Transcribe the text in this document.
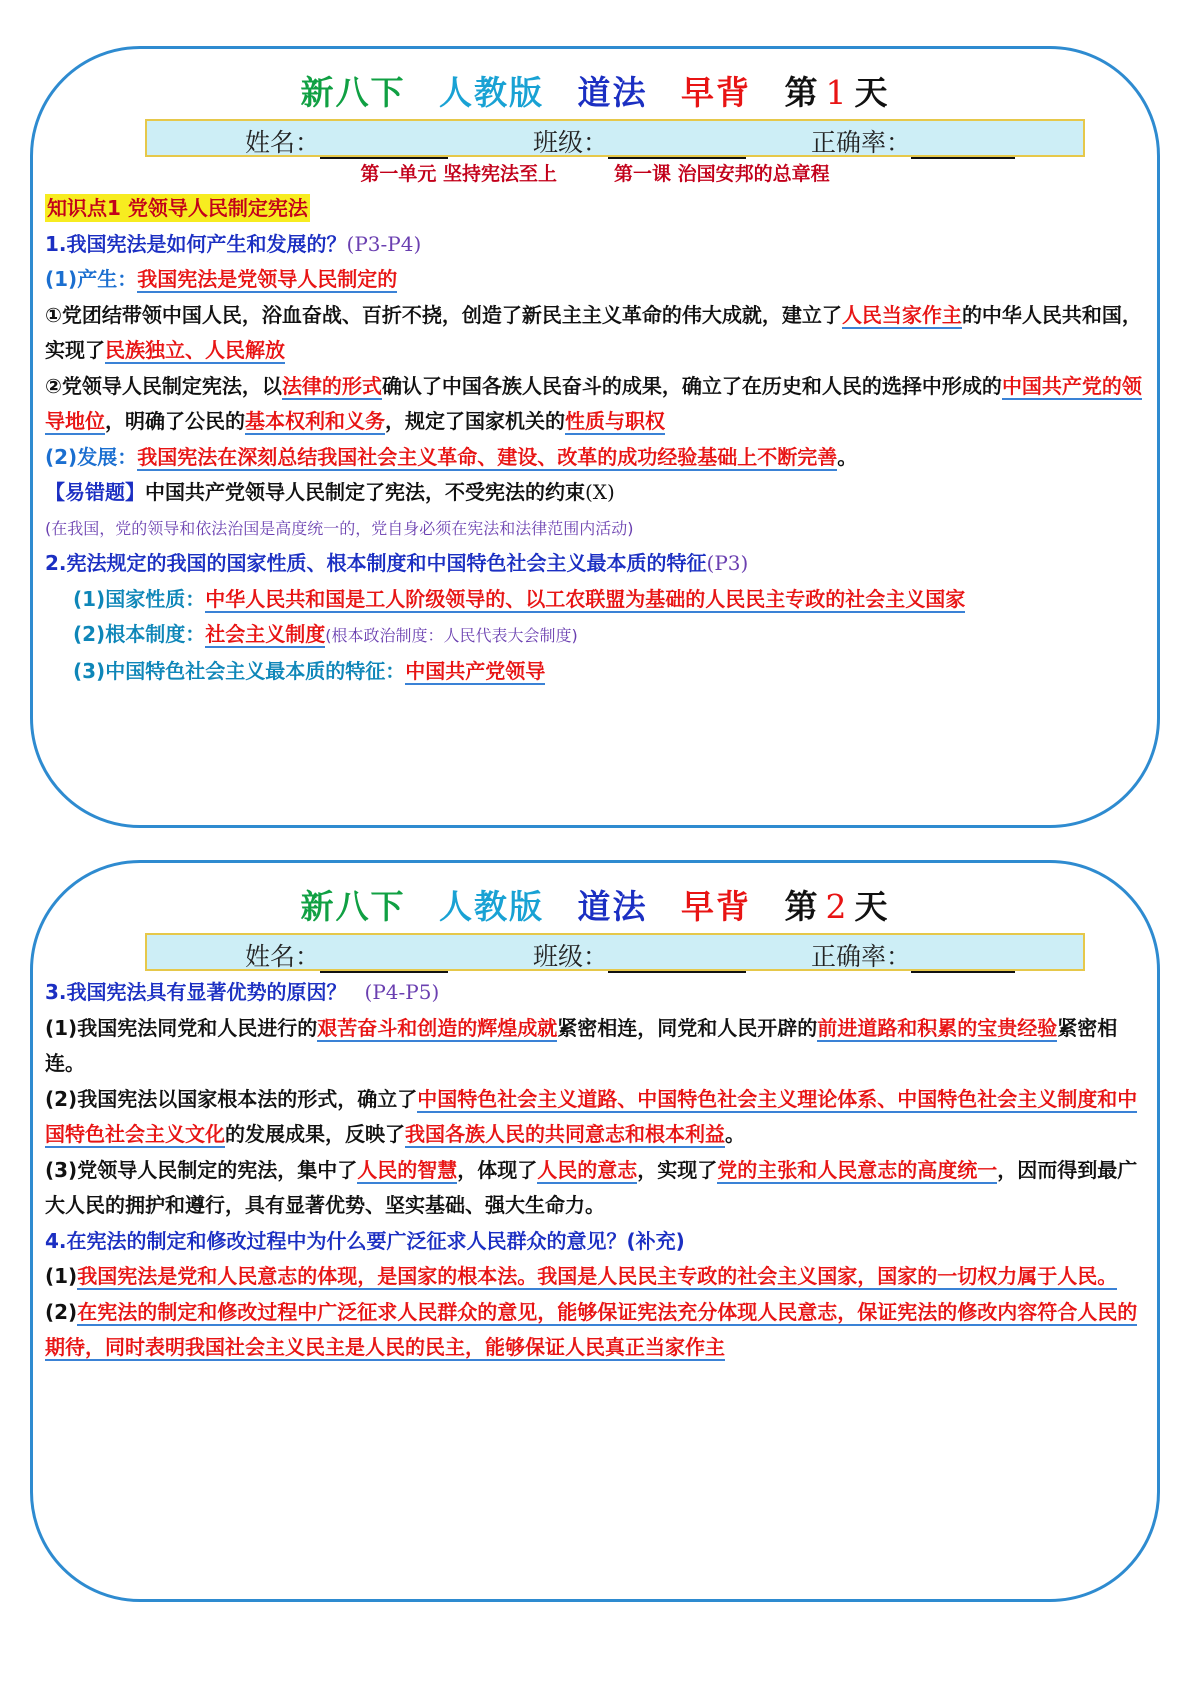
新八下 人教版 道法 早背 第 1 天
姓名：	班级：	正确率：

第一单元 坚持宪法至上　　　第一课 治国安邦的总章程

知识点1 党领导人民制定宪法

1.我国宪法是如何产生和发展的？(P3-P4)

(1)产生：我国宪法是党领导人民制定的

①党团结带领中国人民，浴血奋战、百折不挠，创造了新民主主义革命的伟大成就，建立了人民当家作主的中华人民共和国，实现了民族独立、人民解放

②党领导人民制定宪法，以法律的形式确认了中国各族人民奋斗的成果，确立了在历史和人民的选择中形成的中国共产党的领导地位，明确了公民的基本权利和义务，规定了国家机关的性质与职权

(2)发展：我国宪法在深刻总结我国社会主义革命、建设、改革的成功经验基础上不断完善。

【易错题】中国共产党领导人民制定了宪法，不受宪法的约束(X)

(在我国，党的领导和依法治国是高度统一的，党自身必须在宪法和法律范围内活动)

2.宪法规定的我国的国家性质、根本制度和中国特色社会主义最本质的特征(P3)

(1)国家性质：中华人民共和国是工人阶级领导的、以工农联盟为基础的人民民主专政的社会主义国家

(2)根本制度：社会主义制度(根本政治制度：人民代表大会制度)

(3)中国特色社会主义最本质的特征：中国共产党领导

新八下 人教版 道法 早背 第 2 天
姓名：	班级：	正确率：

3.我国宪法具有显著优势的原因？ (P4-P5)

(1)我国宪法同党和人民进行的艰苦奋斗和创造的辉煌成就紧密相连，同党和人民开辟的前进道路和积累的宝贵经验紧密相连。

(2)我国宪法以国家根本法的形式，确立了中国特色社会主义道路、中国特色社会主义理论体系、中国特色社会主义制度和中国特色社会主义文化的发展成果，反映了我国各族人民的共同意志和根本利益。

(3)党领导人民制定的宪法，集中了人民的智慧，体现了人民的意志，实现了党的主张和人民意志的高度统一，因而得到最广大人民的拥护和遵行，具有显著优势、坚实基础、强大生命力。

4.在宪法的制定和修改过程中为什么要广泛征求人民群众的意见？(补充)

(1)我国宪法是党和人民意志的体现，是国家的根本法。我国是人民民主专政的社会主义国家，国家的一切权力属于人民。

(2)在宪法的制定和修改过程中广泛征求人民群众的意见，能够保证宪法充分体现人民意志，保证宪法的修改内容符合人民的期待，同时表明我国社会主义民主是人民的民主，能够保证人民真正当家作主
